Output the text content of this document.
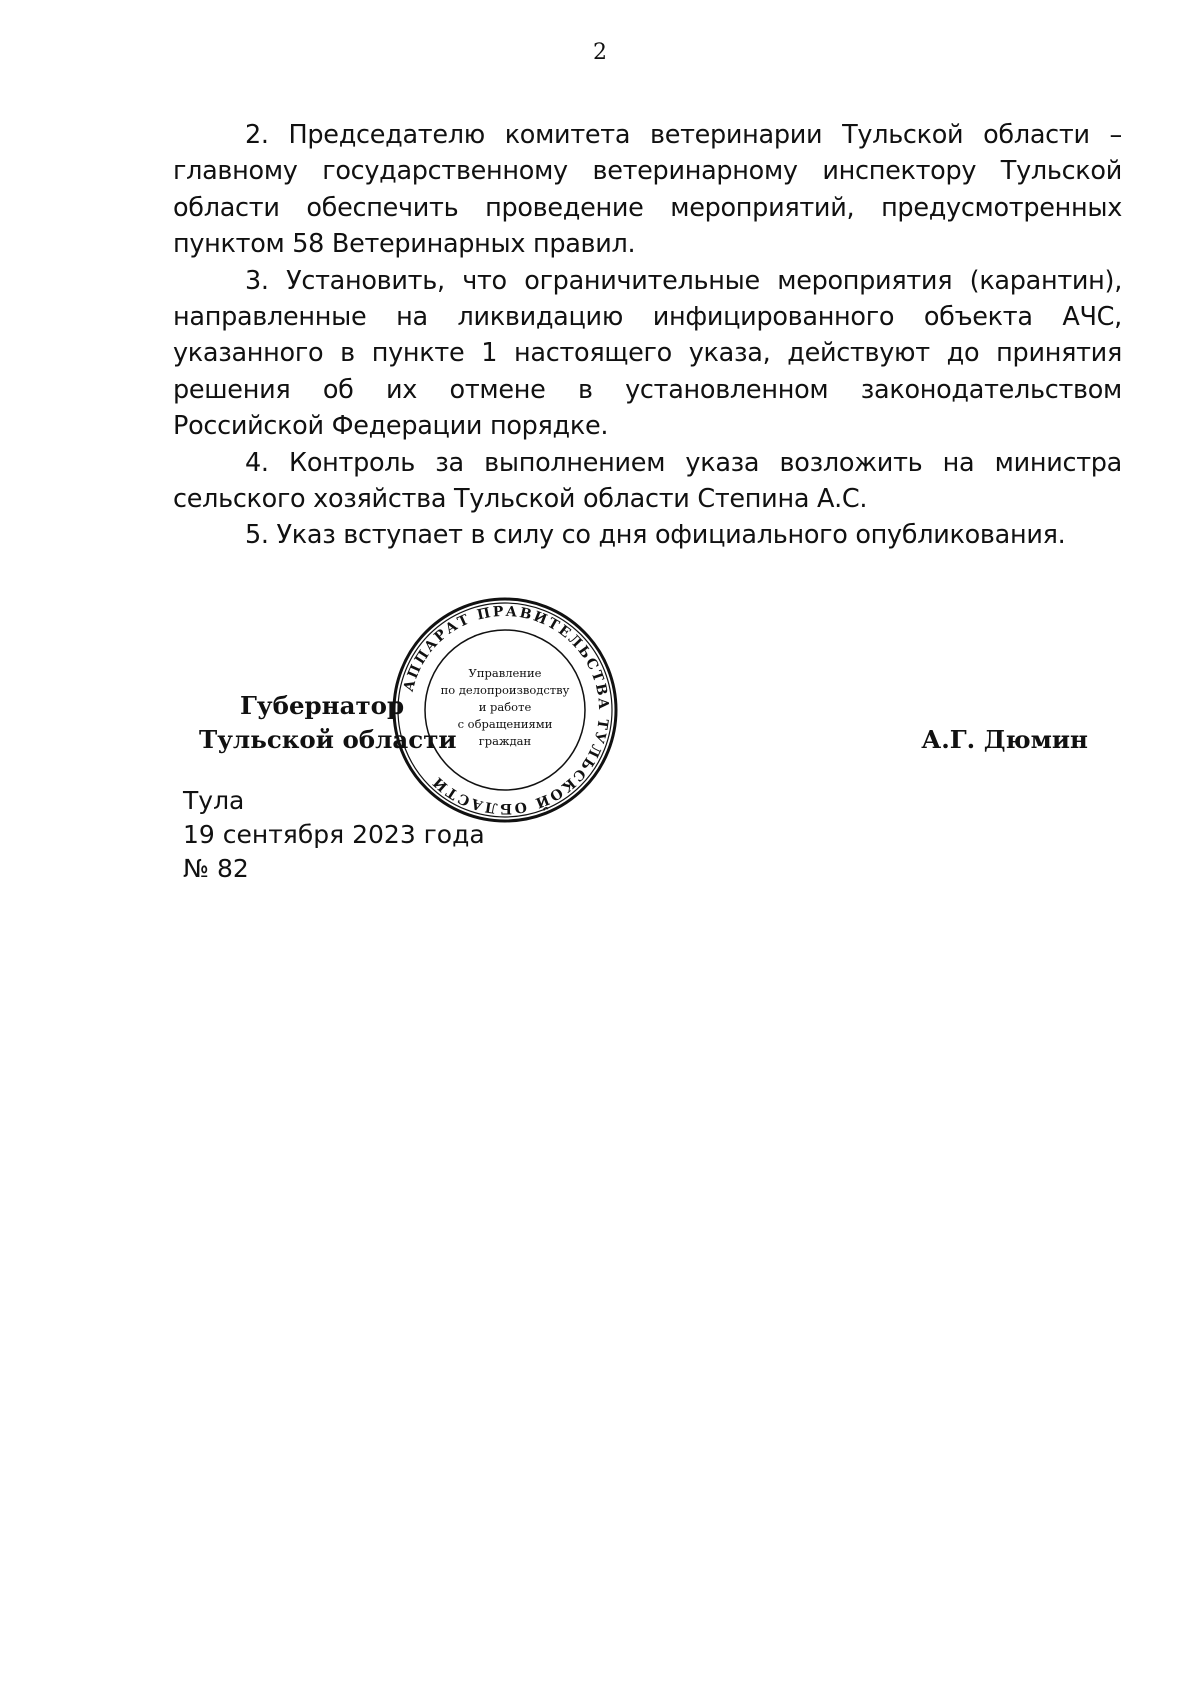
2

2. Председателю комитета ветеринарии Тульской области – главному государственному ветеринарному инспектору Тульской области обеспечить проведение мероприятий, предусмотренных пунктом 58 Ветеринарных правил.

3. Установить, что ограничительные мероприятия (карантин), направленные на ликвидацию инфицированного объекта АЧС, указанного в пункте 1 настоящего указа, действуют до принятия решения об их отмене в установленном законодательством Российской Федерации порядке.

4. Контроль за выполнением указа возложить на министра сельского хозяйства Тульской области Степина А.С.

5. Указ вступает в силу со дня официального опубликования.

АППАРАТ ПРАВИТЕЛЬСТВА ТУЛЬСКОЙ ОБЛАСТИ
Управление
по делопроизводству
и работе
с обращениями
граждан
Губернатор
Тульской области	А.Г. Дюмин
Тула
19 сентября 2023 года
№ 82
